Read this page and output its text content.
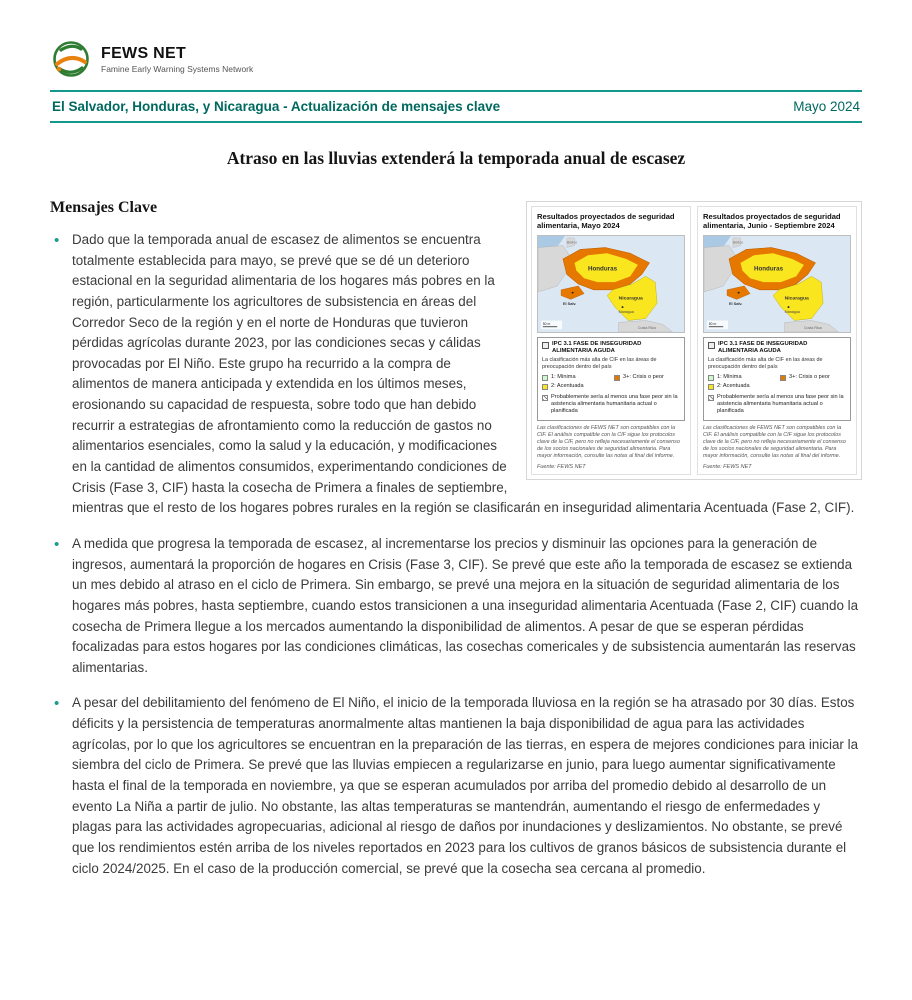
FEWS NET
Famine Early Warning Systems Network
El Salvador, Honduras, y Nicaragua - Actualización de mensajes clave	Mayo 2024
Atraso en las lluvias extenderá la temporada anual de escasez
Resultados proyectados de seguridad alimentaria, Mayo 2024
Belice
Honduras
El Salv.
Nicaragua
Managua
Costa Rica
50 m
IPC 3.1 FASE DE INSEGURIDAD ALIMENTARIA AGUDA
La clasificación más alta de CIF en las áreas de preocupación dentro del país
1: Mínima
2: Acentuada
3+: Crisis o peor
Probablemente sería al menos una fase peor sin la asistencia alimentaria humanitaria actual o planificada
Las clasificaciones de FEWS NET son compatibles con la CIF. El análisis compatible con la CIF sigue los protocolos clave de la CIF, pero no refleja necesariamente el consenso de los socios nacionales de seguridad alimentaria. Para mayor información, consulte las notas al final del informe.
Fuente: FEWS NET
Resultados proyectados de seguridad alimentaria, Junio - Septiembre 2024
Belice
Honduras
El Salv.
Nicaragua
Managua
Costa Rica
50 m
IPC 3.1 FASE DE INSEGURIDAD ALIMENTARIA AGUDA
La clasificación más alta de CIF en las áreas de preocupación dentro del país
1: Mínima
2: Acentuada
3+: Crisis o peor
Probablemente sería al menos una fase peor sin la asistencia alimentaria humanitaria actual o planificada
Las clasificaciones de FEWS NET son compatibles con la CIF. El análisis compatible con la CIF sigue los protocolos clave de la CIF, pero no refleja necesariamente el consenso de los socios nacionales de seguridad alimentaria. Para mayor información, consulte las notas al final del informe.
Fuente: FEWS NET
Mensajes Clave
• Dado que la temporada anual de escasez de alimentos se encuentra totalmente establecida para mayo, se prevé que se dé un deterioro estacional en la seguridad alimentaria de los hogares más pobres en la región, particularmente los agricultores de subsistencia en áreas del Corredor Seco de la región y en el norte de Honduras que tuvieron pérdidas agrícolas durante 2023, por las condiciones secas y cálidas provocadas por El Niño. Este grupo ha recurrido a la compra de alimentos de manera anticipada y extendida en los últimos meses, erosionando su capacidad de respuesta, sobre todo que han debido recurrir a estrategias de afrontamiento como la reducción de gastos no alimentarios esenciales, como la salud y la educación, y modificaciones en la cantidad de alimentos consumidos, experimentando condiciones de Crisis (Fase 3, CIF) hasta la cosecha de Primera a finales de septiembre, mientras que el resto de los hogares pobres rurales en la región se clasificarán en inseguridad alimentaria Acentuada (Fase 2, CIF).
• A medida que progresa la temporada de escasez, al incrementarse los precios y disminuir las opciones para la generación de ingresos, aumentará la proporción de hogares en Crisis (Fase 3, CIF). Se prevé que este año la temporada de escasez se extienda un mes debido al atraso en el ciclo de Primera. Sin embargo, se prevé una mejora en la situación de seguridad alimentaria de los hogares más pobres, hasta septiembre, cuando estos transicionen a una inseguridad alimentaria Acentuada (Fase 2, CIF) cuando la cosecha de Primera llegue a los mercados aumentando la disponibilidad de alimentos. A pesar de que se esperan pérdidas focalizadas para estos hogares por las condiciones climáticas, las cosechas comericales y de subsistencia aumentarán las reservas alimentarias.
• A pesar del debilitamiento del fenómeno de El Niño, el inicio de la temporada lluviosa en la región se ha atrasado por 30 días. Estos déficits y la persistencia de temperaturas anormalmente altas mantienen la baja disponibilidad de agua para las actividades agrícolas, por lo que los agricultores se encuentran en la preparación de las tierras, en espera de mejores condiciones para iniciar la siembra del ciclo de Primera. Se prevé que las lluvias empiecen a regularizarse en junio, para luego aumentar significativamente hasta el final de la temporada en noviembre, ya que se esperan acumulados por arriba del promedio debido al desarrollo de un evento La Niña a partir de julio. No obstante, las altas temperaturas se mantendrán, aumentando el riesgo de enfermedades y plagas para las actividades agropecuarias, adicional al riesgo de daños por inundaciones y deslizamientos. No obstante, se prevé que los rendimientos estén arriba de los niveles reportados en 2023 para los cultivos de granos básicos de subsistencia durante el ciclo 2024/2025. En el caso de la producción comercial, se prevé que la cosecha sea cercana al promedio.
